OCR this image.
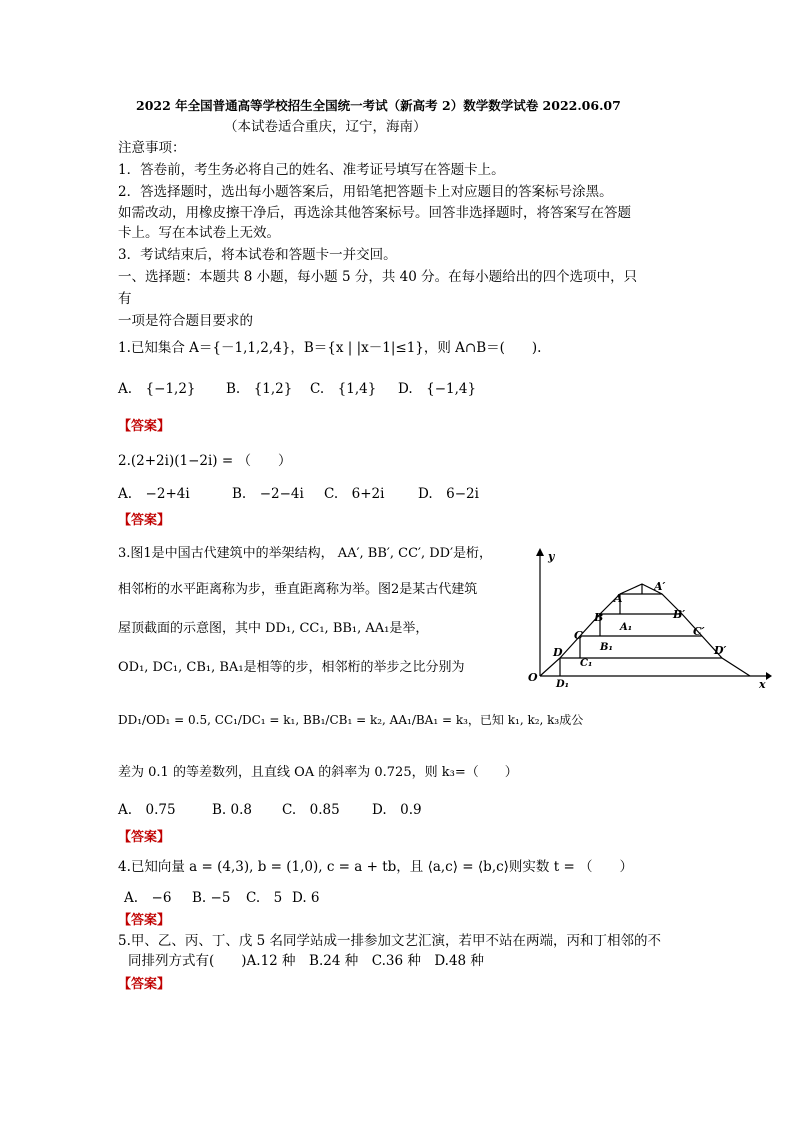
2022 年全国普通高等学校招生全国统一考试（新高考 2）数学数学试卷 2022.06.07
（本试卷适合重庆，辽宁，海南）
注意事项：
1．答卷前，考生务必将自己的姓名、准考证号填写在答题卡上。
2．答选择题时，选出每小题答案后，用铅笔把答题卡上对应题目的答案标号涂黑。
如需改动，用橡皮擦干净后，再选涂其他答案标号。回答非选择题时，将答案写在答题
卡上。写在本试卷上无效。
3．考试结束后，将本试卷和答题卡一并交回。
一、选择题：本题共 8 小题，每小题 5 分，共 40 分。在每小题给出的四个选项中，只
有
一项是符合题目要求的
1.已知集合 A＝{－1,1,2,4}，B＝{x | |x－1|≤1}，则 A∩B＝(　　).
A.　{−1,2} B.　{1,2} C.　{1,4} D.　{−1,4}
【答案】
2.(2+2i)(1−2i) = （　　）
A.　−2+4i	B.　−2−4i C.　6+2i D.　6−2i
【答案】
3.图1是中国古代建筑中的举架结构， AA′, BB′, CC′, DD′是桁，
相邻桁的水平距离称为步，垂直距离称为举。图2是某古代建筑
屋顶截面的示意图，其中 DD₁, CC₁, BB₁, AA₁是举，
OD₁, DC₁, CB₁, BA₁是相等的步，相邻桁的举步之比分别为
DD₁/OD₁ = 0.5, CC₁/DC₁ = k₁, BB₁/CB₁ = k₂, AA₁/BA₁ = k₃，已知 k₁, k₂, k₃成公
差为 0.1 的等差数列，且直线 OA 的斜率为 0.725，则 k₃=（　　）
A.　0.75	B. 0.8 C.　0.85 D.　0.9
【答案】
y
x
O
A
A′
B	B′
C	C′
D	D′
A₁
B₁
C₁
D₁
4.已知向量 a = (4,3), b = (1,0), c = a + tb，且 ⟨a,c⟩ = ⟨b,c⟩则实数 t = （　　）
A.　−6 B. −5 C.　5 D. 6
【答案】
5.甲、乙、丙、丁、戊 5 名同学站成一排参加文艺汇演，若甲不站在两端，丙和丁相邻的不
同排列方式有(　　)A.12 种　B.24 种　C.36 种　D.48 种
【答案】
